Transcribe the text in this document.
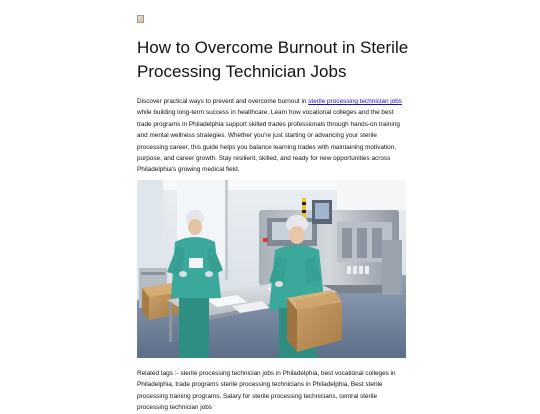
How to Overcome Burnout in Sterile Processing Technician Jobs

Discover practical ways to prevent and overcome burnout in sterile processing technician jobs while building long-term success in healthcare. Learn how vocational colleges and the best trade programs in Philadelphia support skilled trades professionals through hands-on training and mental wellness strategies. Whether you're just starting or advancing your sterile processing career, this guide helps you balance learning trades with maintaining motivation, purpose, and career growth. Stay resilient, skilled, and ready for new opportunities across Philadelphia's growing medical field.

Related tags :- sterile processing technician jobs in Philadelphia, best vocational colleges in Philadelphia, trade programs sterile processing technicians in Philadelphia, Best sterile processing training programs, Salary for sterile processing technicians, central sterile processing technician jobs
